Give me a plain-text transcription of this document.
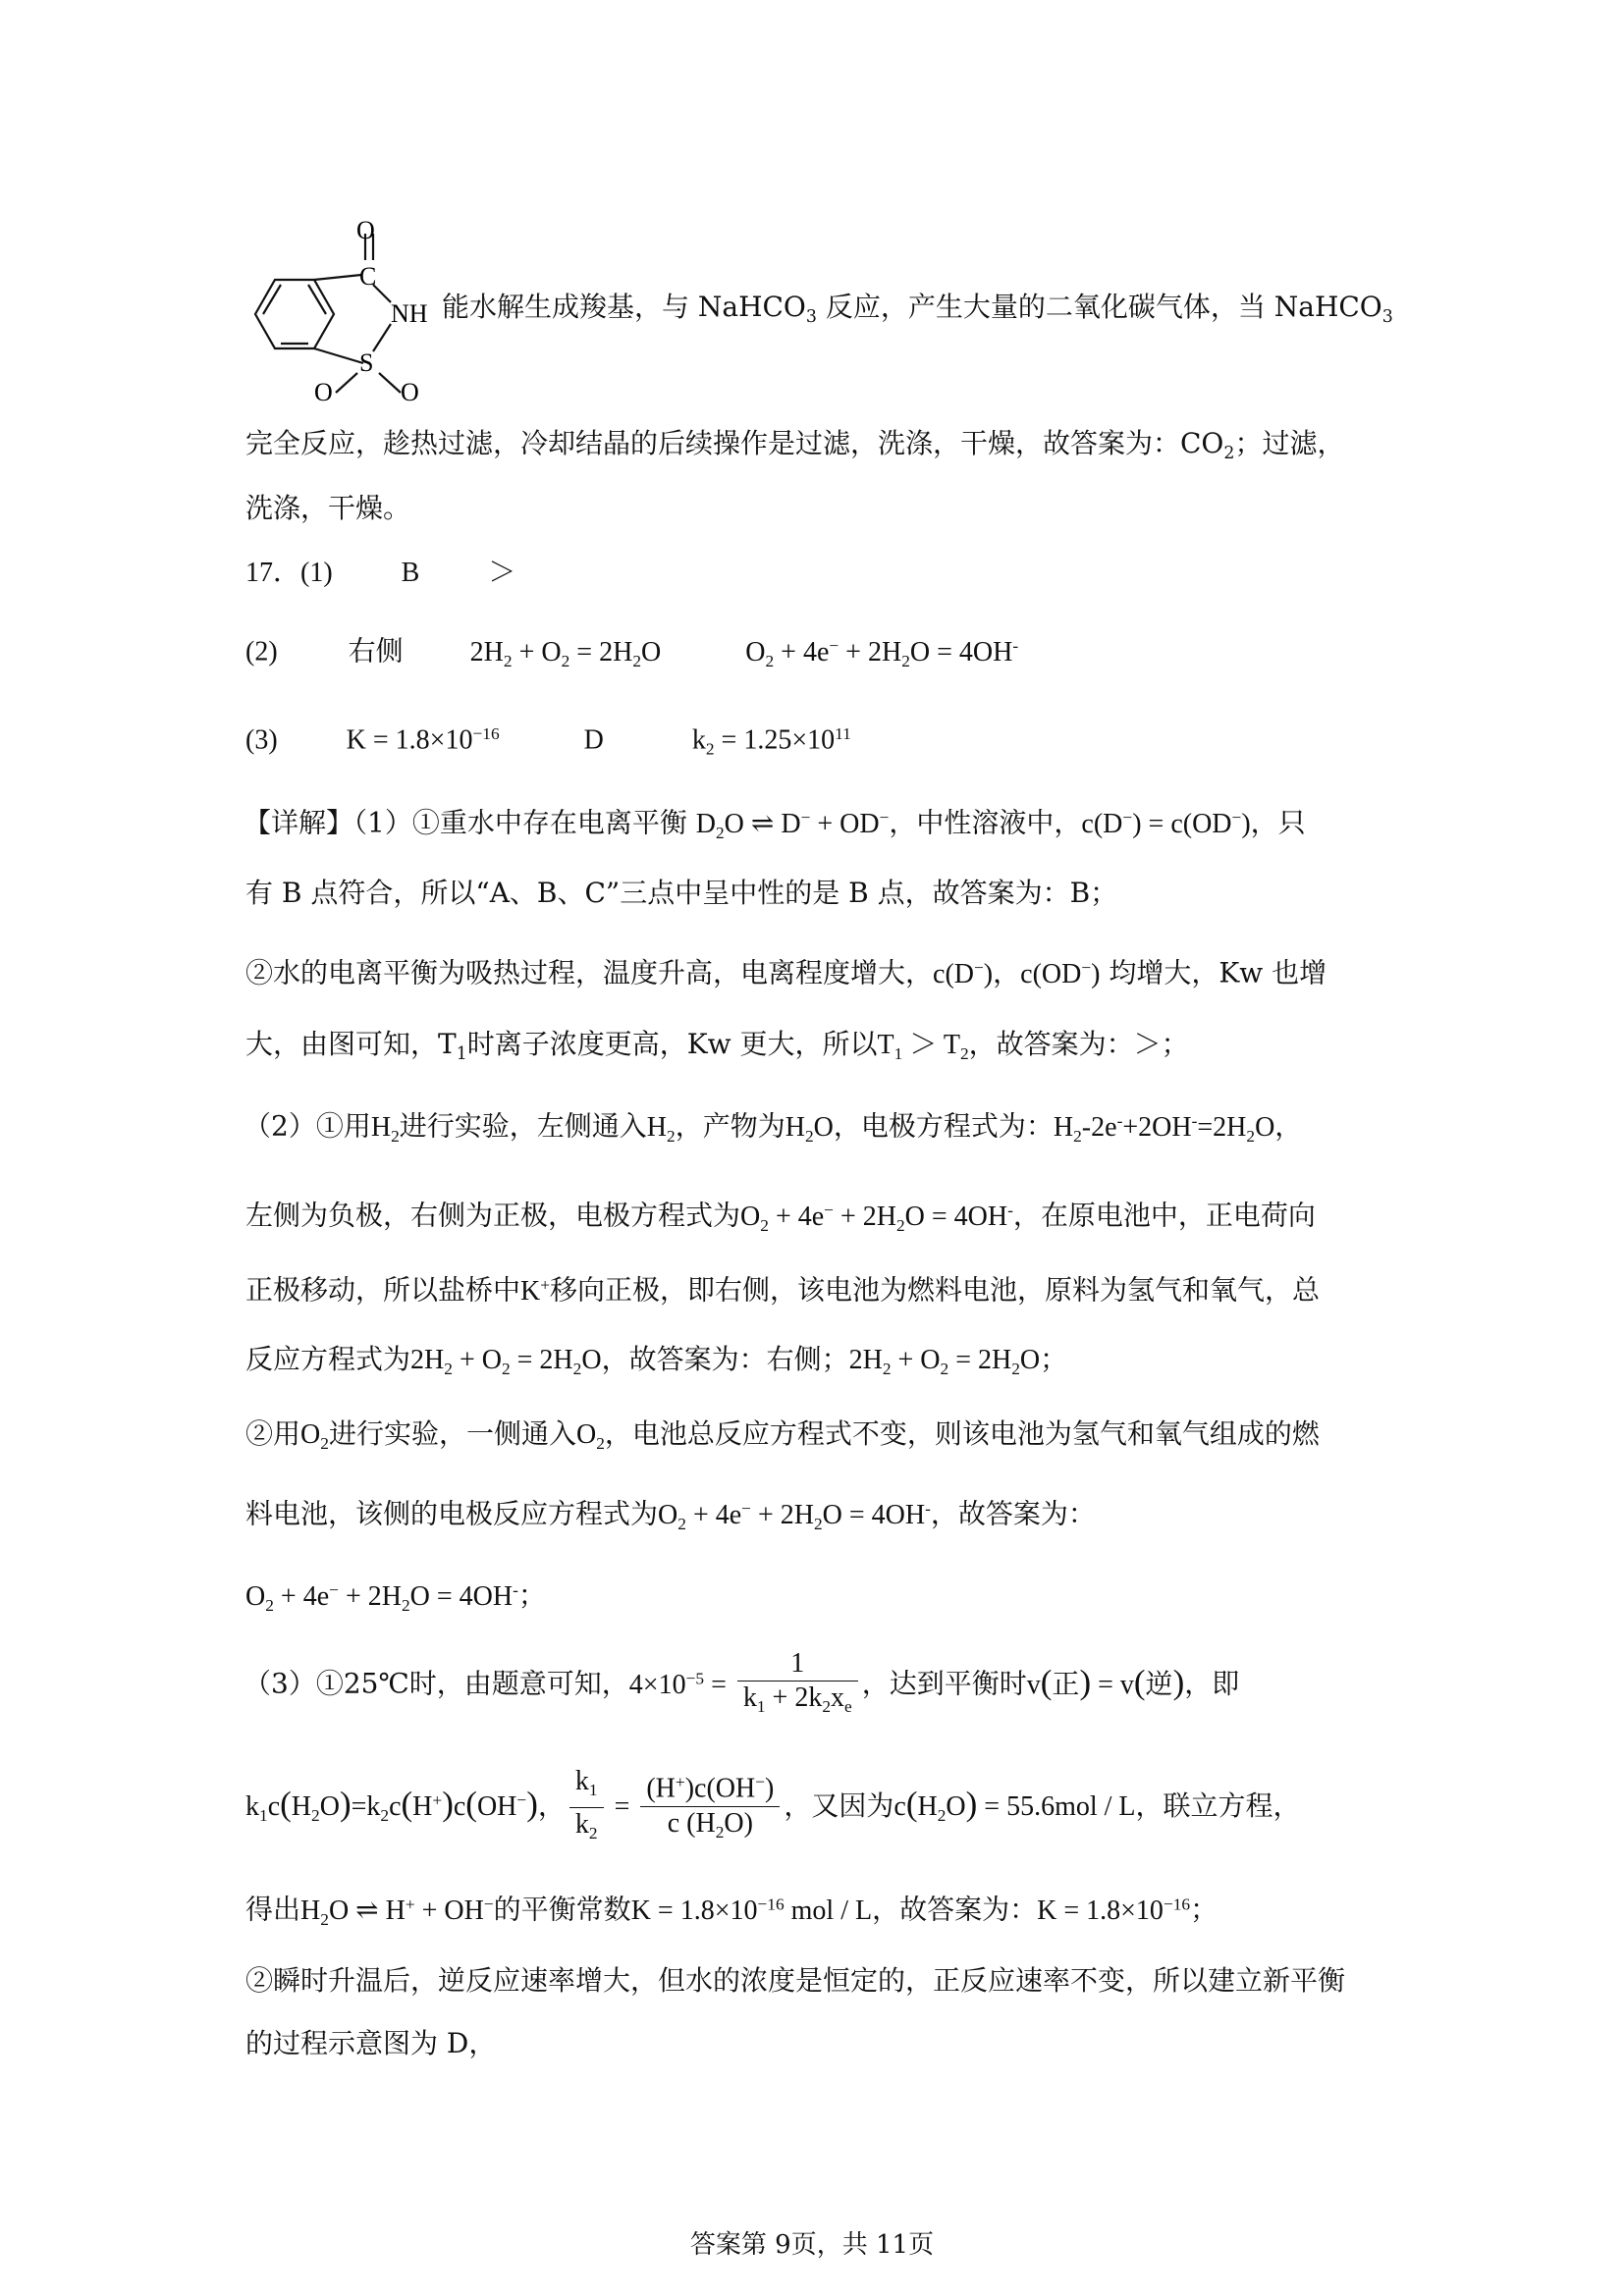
O
C
NH
S
O	O
能水解生成羧基，与 NaHCO$_3$ 反应，产生大量的二氧化碳气体，当 NaHCO$_3$
完全反应，趁热过滤，冷却结晶的后续操作是过滤，洗涤，干燥，故答案为：$CO_2$；过滤，
洗涤，干燥。
17．(1)	B	＞
(2)	右侧 $2H_2 + O_2 = 2H_2O$	$O_2 + 4e^- + 2H_2O = 4OH^-$
(3)	$K = 1.8\times 10^{-16}$	D	$k_2 = 1.25\times 10^{11}$
【详解】（1）①重水中存在电离平衡 $D_2O$ ⇌ D− + OD−，中性溶液中，c(D−) = c(OD−)，只
有 B 点符合，所以“A、B、C”三点中呈中性的是 B 点，故答案为：B；
②水的电离平衡为吸热过程，温度升高，电离程度增大，c(D−)，c(OD−) 均增大，Kw 也增
大，由图可知，$T_1$时离子浓度更高，Kw 更大，所以$T_1 > T_2$，故答案为：＞；
（2）①用$H_2$进行实验，左侧通入$H_2$，产物为$H_2O$，电极方程式为：$H_2-2e^-+2OH^-=2H_2O$，
左侧为负极，右侧为正极，电极方程式为$O_2 + 4e^- + 2H_2O = 4OH^-$，在原电池中，正电荷向
正极移动，所以盐桥中K+移向正极，即右侧，该电池为燃料电池，原料为氢气和氧气，总
反应方程式为$2H_2 + O_2 = 2H_2O$，故答案为：右侧；$2H_2 + O_2 = 2H_2O$；
②用$O_2$进行实验，一侧通入$O_2$，电池总反应方程式不变，则该电池为氢气和氧气组成的燃
料电池，该侧的电极反应方程式为$O_2 + 4e^- + 2H_2O = 4OH^-$，故答案为：
$O_2 + 4e^- + 2H_2O = 4OH^-$；
（3）①25℃时，由题意可知，$4\times 10^{-5} = \frac{1}{k_1 + 2k_2x_e}$ ，达到平衡时v(正) = v(逆)，即
$k_1c(H_2O)=k_2c(H^+)c(OH^-)$， $\frac{k_1}{k_2} = \frac{(H^+)c(OH^-)}{c (H_2O)}$ ，又因为$c(H_2O) = 55.6mol / L$，联立方程，
得出$H_2O$ ⇌ H+ + OH−的平衡常数$K = 1.8\times 10^{-16}$ mol / L，故答案为：$K = 1.8\times 10^{-16}$；
②瞬时升温后，逆反应速率增大，但水的浓度是恒定的，正反应速率不变，所以建立新平衡
的过程示意图为 D，
答案第 9页，共 11页
